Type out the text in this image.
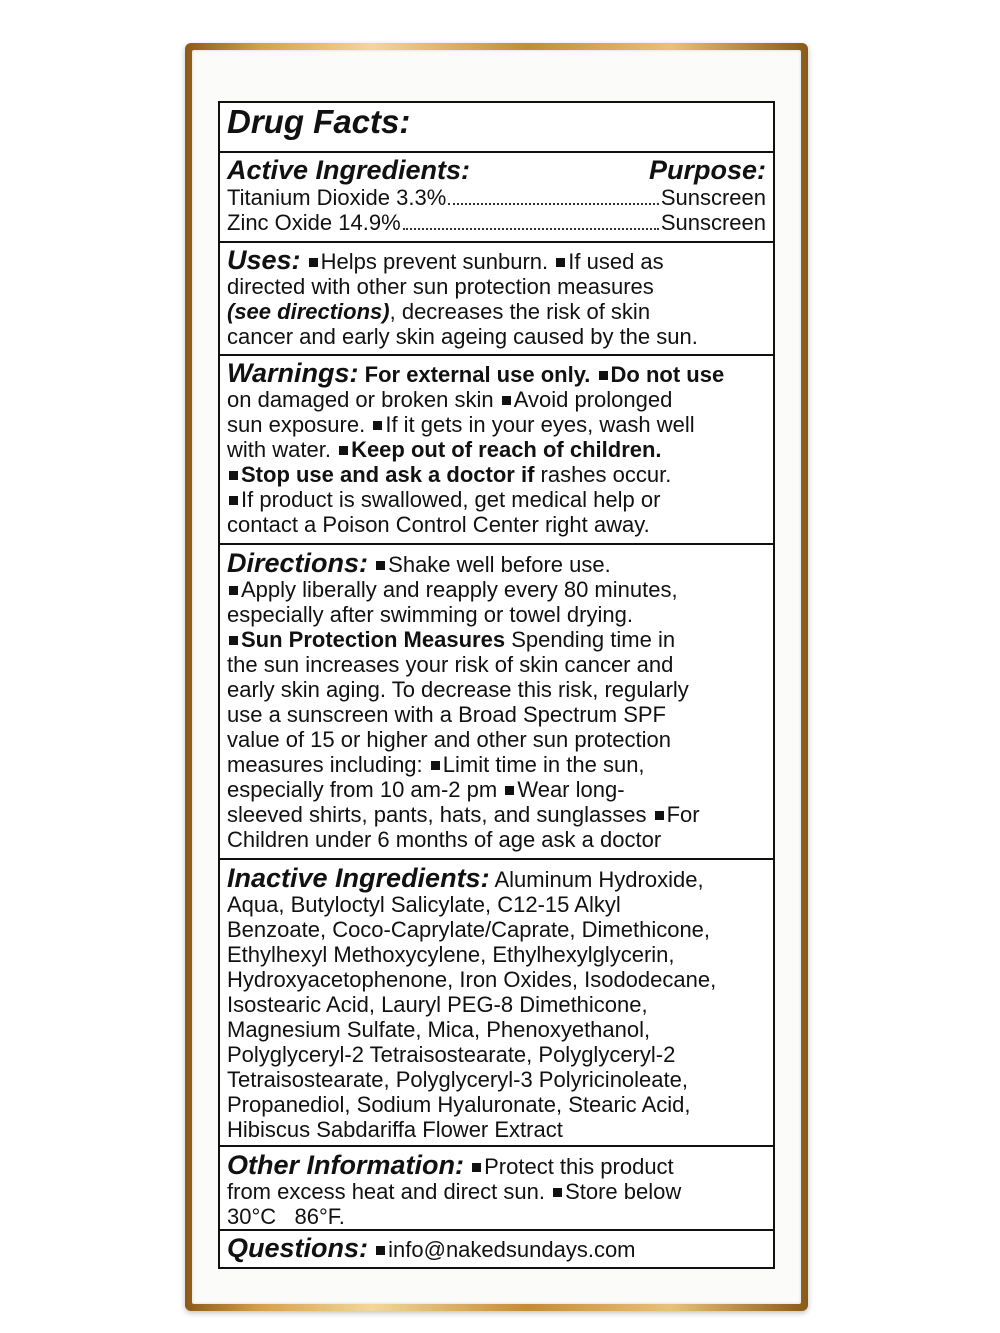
Drug Facts:
Active Ingredients:	Purpose:
Titanium Dioxide 3.3%	Sunscreen
Zinc Oxide 14.9%	Sunscreen
Uses: Helps prevent sunburn. If used as
directed with other sun protection measures
(see directions), decreases the risk of skin
cancer and early skin ageing caused by the sun.
Warnings: For external use only. Do not use
on damaged or broken skin Avoid prolonged
sun exposure. If it gets in your eyes, wash well
with water. Keep out of reach of children.
Stop use and ask a doctor if rashes occur.
If product is swallowed, get medical help or
contact a Poison Control Center right away.
Directions: Shake well before use.
Apply liberally and reapply every 80 minutes,
especially after swimming or towel drying.
Sun Protection Measures Spending time in
the sun increases your risk of skin cancer and
early skin aging. To decrease this risk, regularly
use a sunscreen with a Broad Spectrum SPF
value of 15 or higher and other sun protection
measures including: Limit time in the sun,
especially from 10 am-2 pm Wear long-
sleeved shirts, pants, hats, and sunglasses For
Children under 6 months of age ask a doctor
Inactive Ingredients: Aluminum Hydroxide,
Aqua, Butyloctyl Salicylate, C12-15 Alkyl
Benzoate, Coco-Caprylate/Caprate, Dimethicone,
Ethylhexyl Methoxycylene, Ethylhexylglycerin,
Hydroxyacetophenone, Iron Oxides, Isododecane,
Isostearic Acid, Lauryl PEG-8 Dimethicone,
Magnesium Sulfate, Mica, Phenoxyethanol,
Polyglyceryl-2 Tetraisostearate, Polyglyceryl-2
Tetraisostearate, Polyglyceryl-3 Polyricinoleate,
Propanediol, Sodium Hyaluronate, Stearic Acid,
Hibiscus Sabdariffa Flower Extract
Other Information: Protect this product
from excess heat and direct sun. Store below
30°C   86°F.
Questions: info@nakedsundays.com
